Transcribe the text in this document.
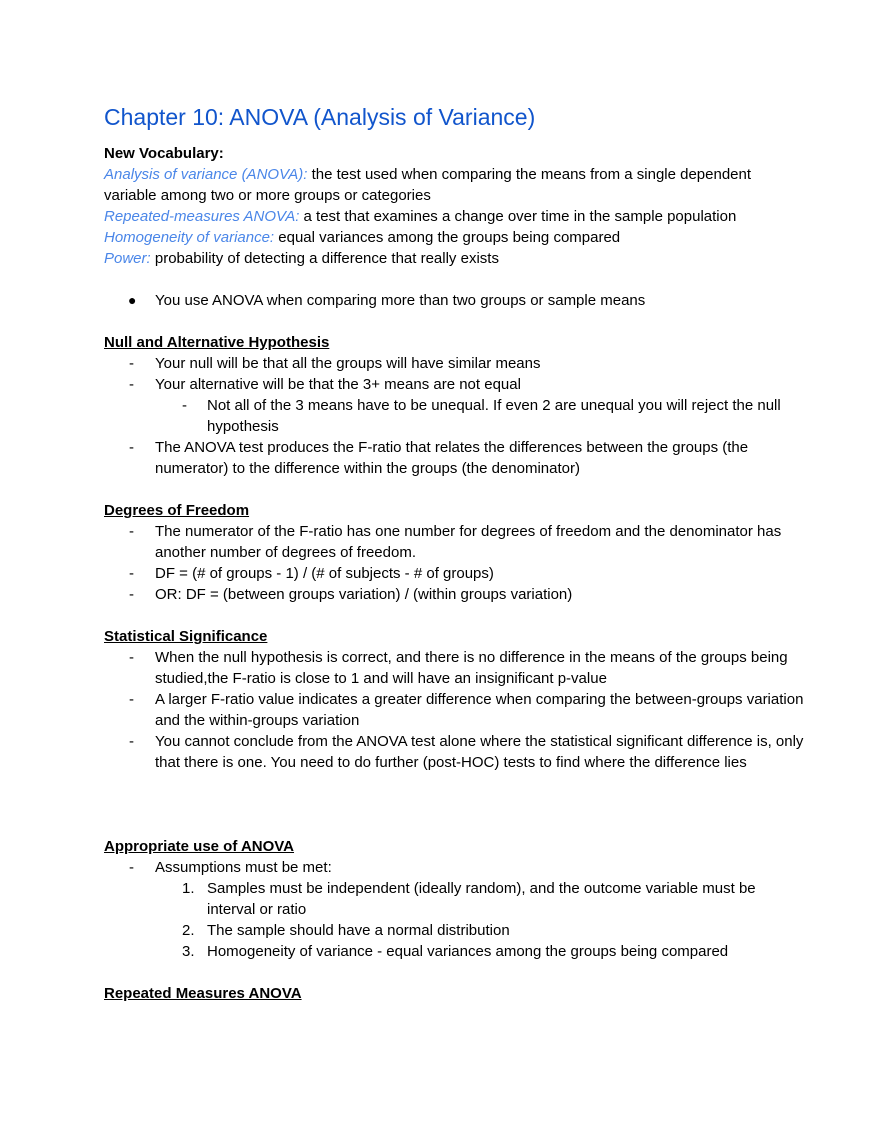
Chapter 10: ANOVA (Analysis of Variance)
New Vocabulary:
Analysis of variance (ANOVA): the test used when comparing the means from a single dependent variable among two or more groups or categories
Repeated-measures ANOVA: a test that examines a change over time in the sample population
Homogeneity of variance: equal variances among the groups being compared
Power: probability of detecting a difference that really exists
● You use ANOVA when comparing more than two groups or sample means
Null and Alternative Hypothesis
- Your null will be that all the groups will have similar means
- Your alternative will be that the 3+ means are not equal
- Not all of the 3 means have to be unequal. If even 2 are unequal you will reject the null hypothesis
- The ANOVA test produces the F-ratio that relates the differences between the groups (the numerator) to the difference within the groups (the denominator)
Degrees of Freedom
- The numerator of the F-ratio has one number for degrees of freedom and the denominator has another number of degrees of freedom.
- DF = (# of groups - 1) / (# of subjects - # of groups)
- OR: DF = (between groups variation) / (within groups variation)
Statistical Significance
- When the null hypothesis is correct, and there is no difference in the means of the groups being studied,the F-ratio is close to 1 and will have an insignificant p-value
- A larger F-ratio value indicates a greater difference when comparing the between-groups variation and the within-groups variation
- You cannot conclude from the ANOVA test alone where the statistical significant difference is, only that there is one. You need to do further (post-HOC) tests to find where the difference lies
Appropriate use of ANOVA
- Assumptions must be met:
1. Samples must be independent (ideally random), and the outcome variable must be interval or ratio
2. The sample should have a normal distribution
3. Homogeneity of variance - equal variances among the groups being compared
Repeated Measures ANOVA
